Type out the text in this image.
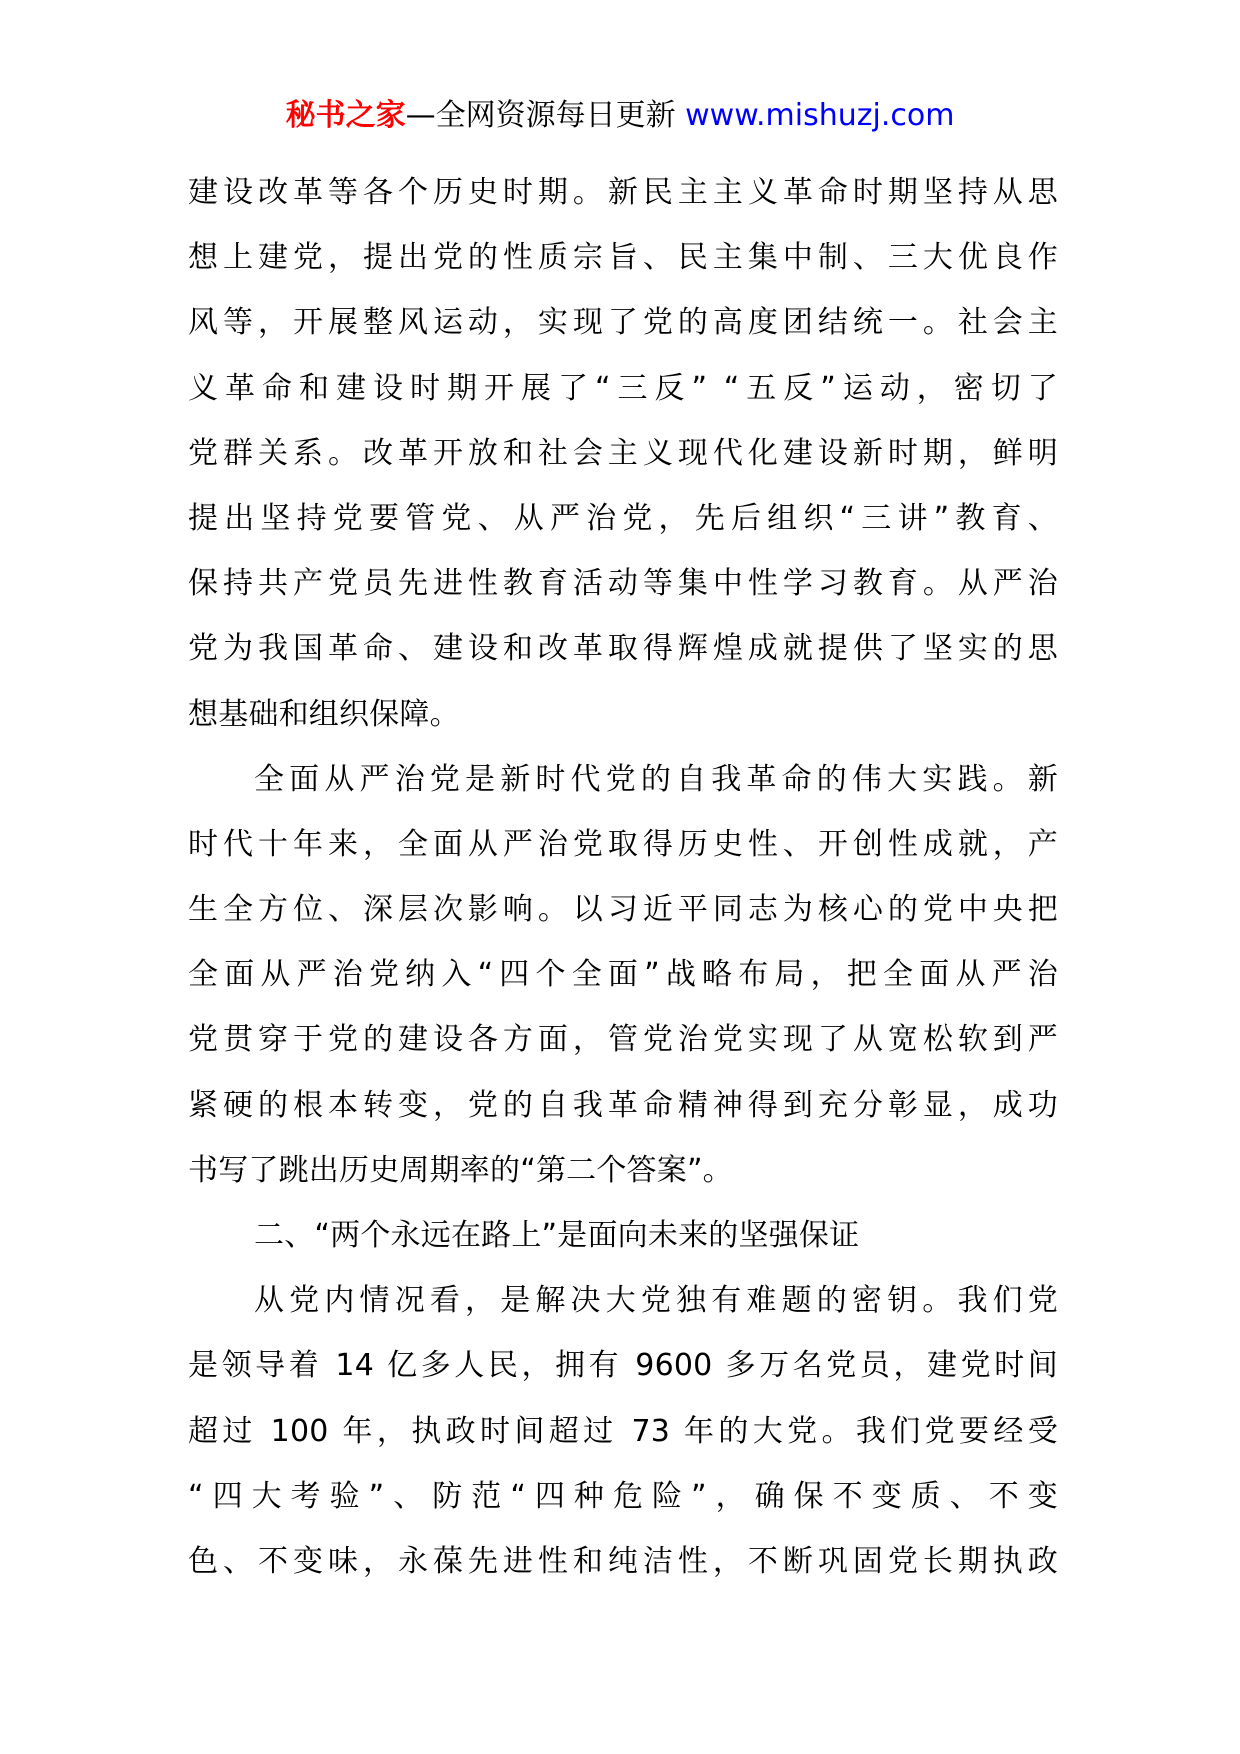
秘书之家—全网资源每日更新 www.mishuzj.com
建设改革等各个历史时期。新民主主义革命时期坚持从思
想上建党，提出党的性质宗旨、民主集中制、三大优良作
风等，开展整风运动，实现了党的高度团结统一。社会主
义革命和建设时期开展了“三反” “五反”运动，密切了
党群关系。改革开放和社会主义现代化建设新时期，鲜明
提出坚持党要管党、从严治党，先后组织“三讲”教育、
保持共产党员先进性教育活动等集中性学习教育。从严治
党为我国革命、建设和改革取得辉煌成就提供了坚实的思
想基础和组织保障。
全面从严治党是新时代党的自我革命的伟大实践。新
时代十年来，全面从严治党取得历史性、开创性成就，产
生全方位、深层次影响。以习近平同志为核心的党中央把
全面从严治党纳入“四个全面”战略布局，把全面从严治
党贯穿于党的建设各方面，管党治党实现了从宽松软到严
紧硬的根本转变，党的自我革命精神得到充分彰显，成功
书写了跳出历史周期率的“第二个答案”。
二、“两个永远在路上”是面向未来的坚强保证
从党内情况看，是解决大党独有难题的密钥。我们党
是领导着 14 亿多人民，拥有 9600 多万名党员，建党时间
超过 100 年，执政时间超过 73 年的大党。我们党要经受
“四大考验”、防范“四种危险”，确保不变质、不变
色、不变味，永葆先进性和纯洁性，不断巩固党长期执政
